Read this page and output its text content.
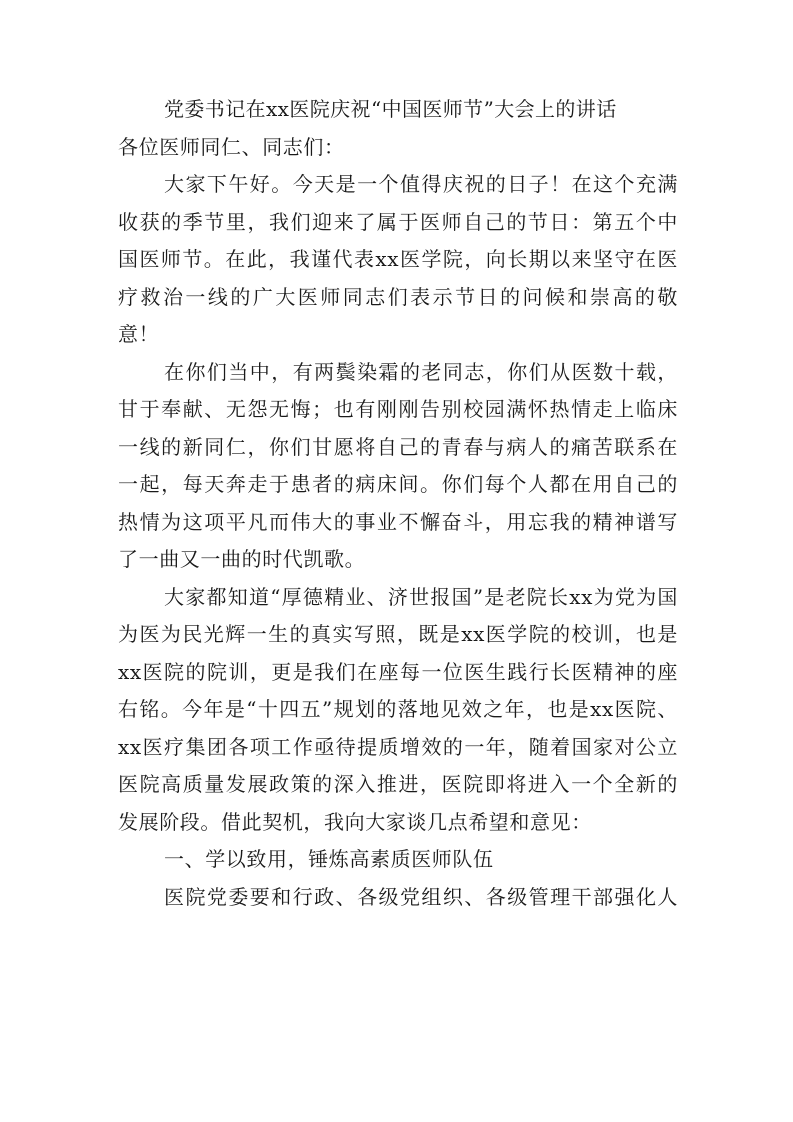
党委书记在xx医院庆祝“中国医师节”大会上的讲话

各位医师同仁、同志们：

大家下午好。今天是一个值得庆祝的日子！在这个充满

收获的季节里，我们迎来了属于医师自己的节日：第五个中

国医师节。在此，我谨代表xx医学院，向长期以来坚守在医

疗救治一线的广大医师同志们表示节日的问候和崇高的敬

意！

在你们当中，有两鬓染霜的老同志，你们从医数十载，

甘于奉献、无怨无悔；也有刚刚告别校园满怀热情走上临床

一线的新同仁，你们甘愿将自己的青春与病人的痛苦联系在

一起，每天奔走于患者的病床间。你们每个人都在用自己的

热情为这项平凡而伟大的事业不懈奋斗，用忘我的精神谱写

了一曲又一曲的时代凯歌。

大家都知道“厚德精业、济世报国”是老院长xx为党为国

为医为民光辉一生的真实写照，既是xx医学院的校训，也是

xx医院的院训，更是我们在座每一位医生践行长医精神的座

右铭。今年是“十四五”规划的落地见效之年，也是xx医院、

xx医疗集团各项工作亟待提质增效的一年，随着国家对公立

医院高质量发展政策的深入推进，医院即将进入一个全新的

发展阶段。借此契机，我向大家谈几点希望和意见：

一、学以致用，锤炼高素质医师队伍

医院党委要和行政、各级党组织、各级管理干部强化人
